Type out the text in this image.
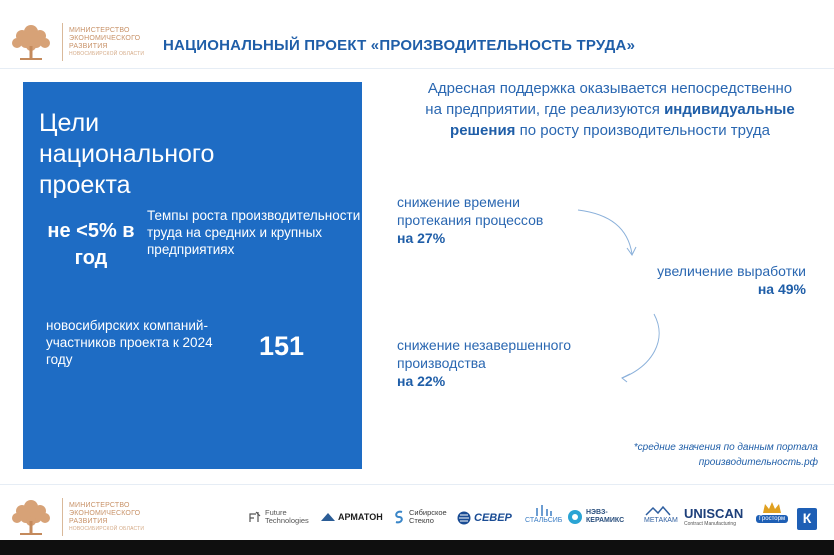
МИНИСТЕРСТВО
ЭКОНОМИЧЕСКОГО
РАЗВИТИЯ
НОВОСИБИРСКОЙ ОБЛАСТИ НАЦИОНАЛЬНЫЙ ПРОЕКТ «ПРОИЗВОДИТЕЛЬНОСТЬ ТРУДА»
Цели национального проекта
не <5% в год
Темпы роста производительности труда на средних и крупных предприятиях
новосибирских компаний-участников проекта к 2024 году	151
Адресная поддержка оказывается непосредственно на предприятии, где реализуются индивидуальные решения по росту производительности труда
снижение времени протекания процессов
на 27%
увеличение выработки
на 49%
снижение незавершенного производства
на 22%
*средние значения по данным портала производительность.рф
МИНИСТЕРСТВО
ЭКОНОМИЧЕСКОГО
РАЗВИТИЯ
НОВОСИБИРСКОЙ ОБЛАСТИ
Future Technologies	АРМАТОН	Сибирское Стекло	СЕВЕР СТАЛЬСИБ
НЭВЗ-КЕРАМИКС	МЕТАКАМ UNISCAN
Contract Manufacturing
Гросторм	К
